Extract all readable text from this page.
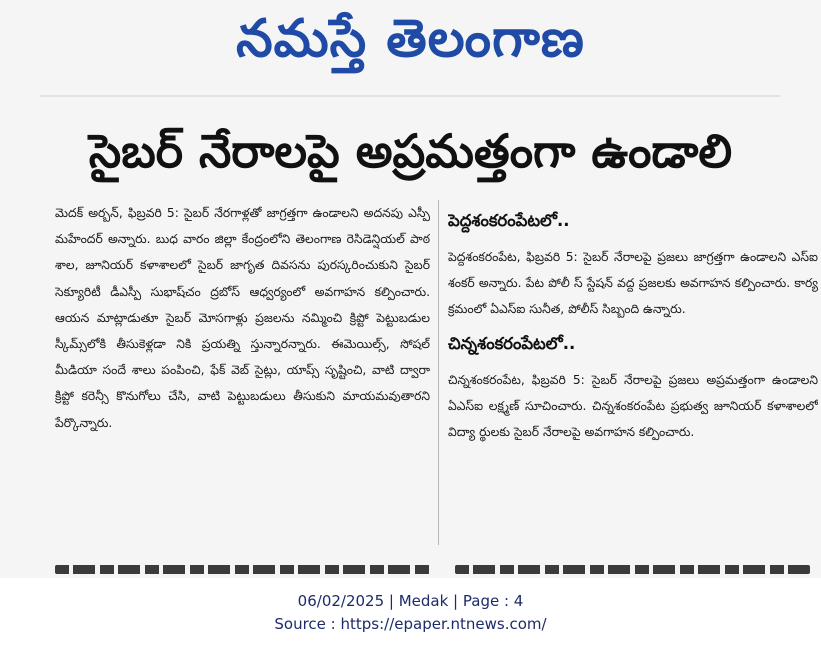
నమస్తే తెలంగాణ
సైబర్ నేరాలపై అప్రమత్తంగా ఉండాలి

మెదక్ అర్బన్, ఫిబ్రవరి 5: సైబర్ నేరగాళ్లతో జాగ్రత్తగా ఉండాలని అదనపు ఎస్పీ మహేందర్ అన్నారు. బుధ వారం జిల్లా కేంద్రంలోని తెలంగాణ రెసిడెన్షియల్ పాఠ శాల, జూనియర్ కళాశాలలో సైబర్ జాగృత దివసను పురస్కరించుకుని సైబర్ సెక్యూరిటీ డీఎస్పీ సుభాష్‌చం ద్రబోస్ ఆధ్వర్యంలో అవగాహన కల్పించారు. ఆయన మాట్లాడుతూ సైబర్ మోసగాళ్లు ప్రజలను నమ్మించి క్రిప్టో పెట్టుబడుల స్కీమ్స్‌లోకి తీసుకెళ్లడా నికి ప్రయత్ని స్తున్నారన్నారు. ఈమెయిల్స్, సోషల్ మీడియా సందే శాలు పంపించి, ఫేక్ వెబ్ సైట్లు, యాప్స్ సృష్టించి, వాటి ద్వారా క్రిప్టో కరెన్సీ కొనుగోలు చేసి, వాటి పెట్టుబడులు తీసుకుని మాయమవుతారని పేర్కొన్నారు.

పెద్దశంకరంపేటలో..

పెద్దశంకరంపేట, ఫిబ్రవరి 5: సైబర్ నేరాలపై ప్రజలు జాగ్రత్తగా ఉండాలని ఎస్ఐ శంకర్ అన్నారు. పేట పోలీ స్ స్టేషన్ వద్ద ప్రజలకు అవగాహన కల్పించారు. కార్య క్రమంలో ఏఎస్ఐ సునీత, పోలీస్ సిబ్బంది ఉన్నారు.

చిన్నశంకరంపేటలో..

చిన్నశంకరంపేట, ఫిబ్రవరి 5: సైబర్ నేరాలపై ప్రజలు అప్రమత్తంగా ఉండాలని ఏఎస్ఐ లక్ష్మణ్ సూచించారు. చిన్నశంకరంపేట ప్రభుత్వ జూనియర్ కళాశాలలో విద్యా ర్థులకు సైబర్ నేరాలపై అవగాహన కల్పించారు.

06/02/2025 | Medak | Page : 4
Source : https://epaper.ntnews.com/
